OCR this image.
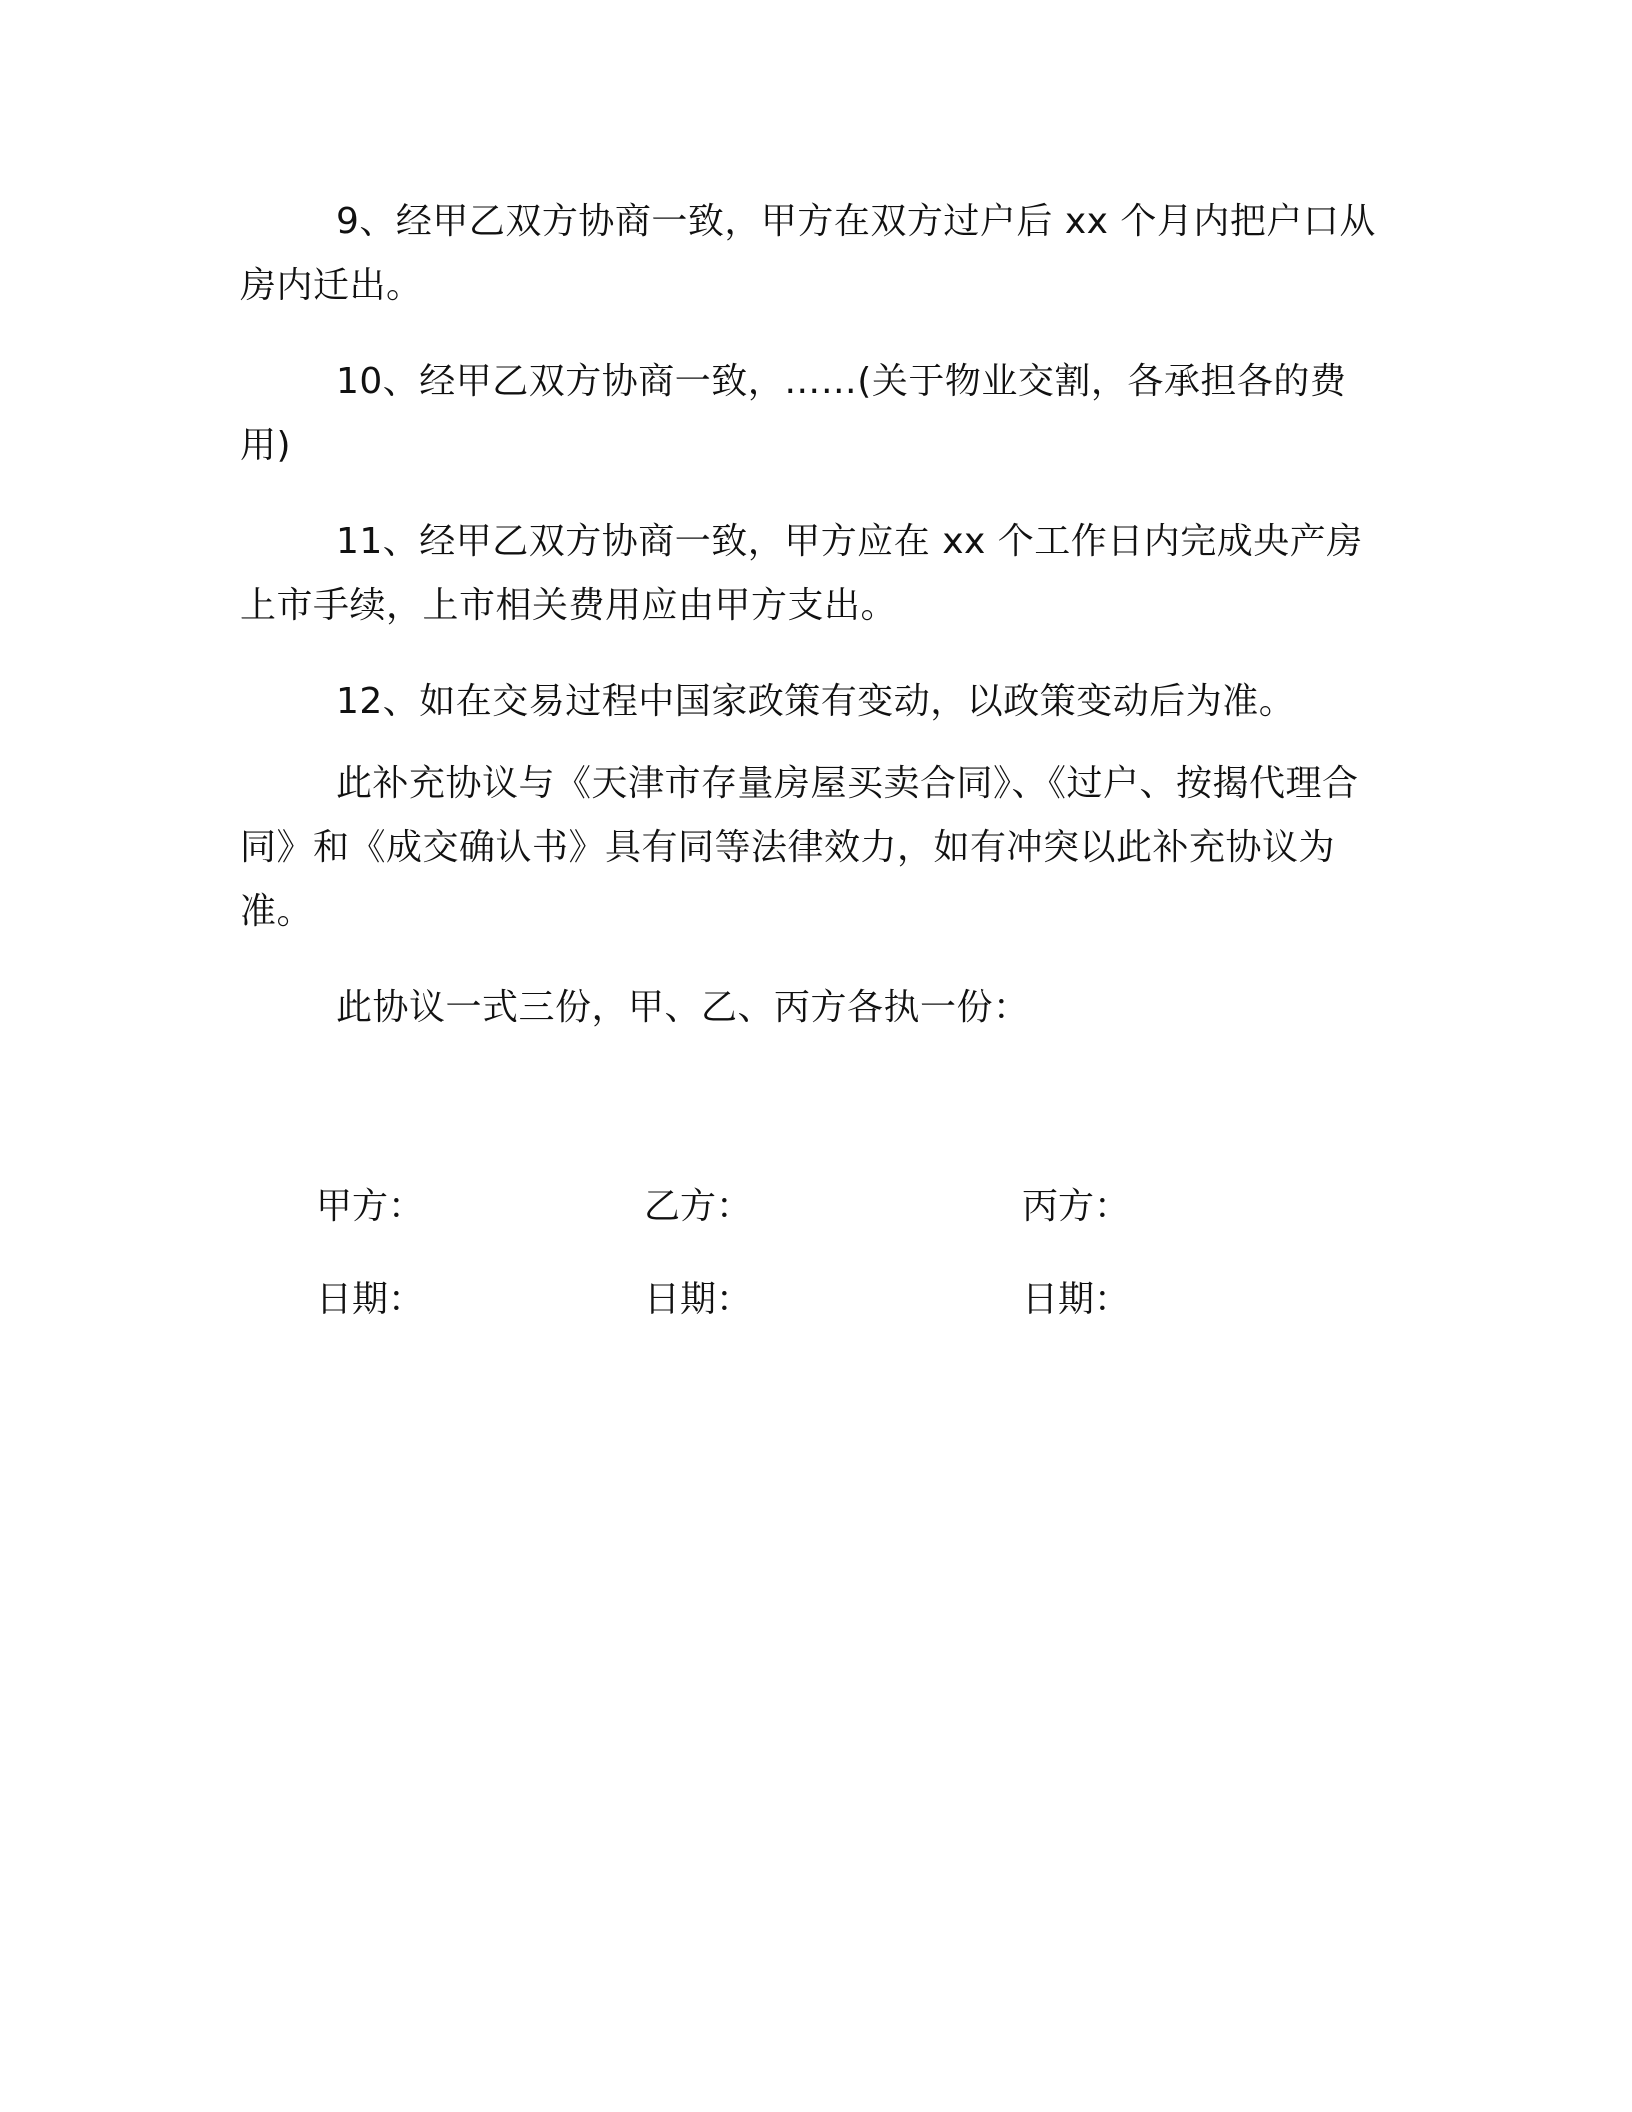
9、经甲乙双方协商一致，甲方在双方过户后 xx 个月内把户口从房内迁出。

10、经甲乙双方协商一致，……(关于物业交割，各承担各的费用)

11、经甲乙双方协商一致，甲方应在 xx 个工作日内完成央产房上市手续，上市相关费用应由甲方支出。

12、如在交易过程中国家政策有变动，以政策变动后为准。

此补充协议与《天津市存量房屋买卖合同》、《过户、按揭代理合同》和《成交确认书》具有同等法律效力，如有冲突以此补充协议为准。

此协议一式三份，甲、乙、丙方各执一份：

甲方：	乙方：	丙方：
日期：	日期：	日期：
